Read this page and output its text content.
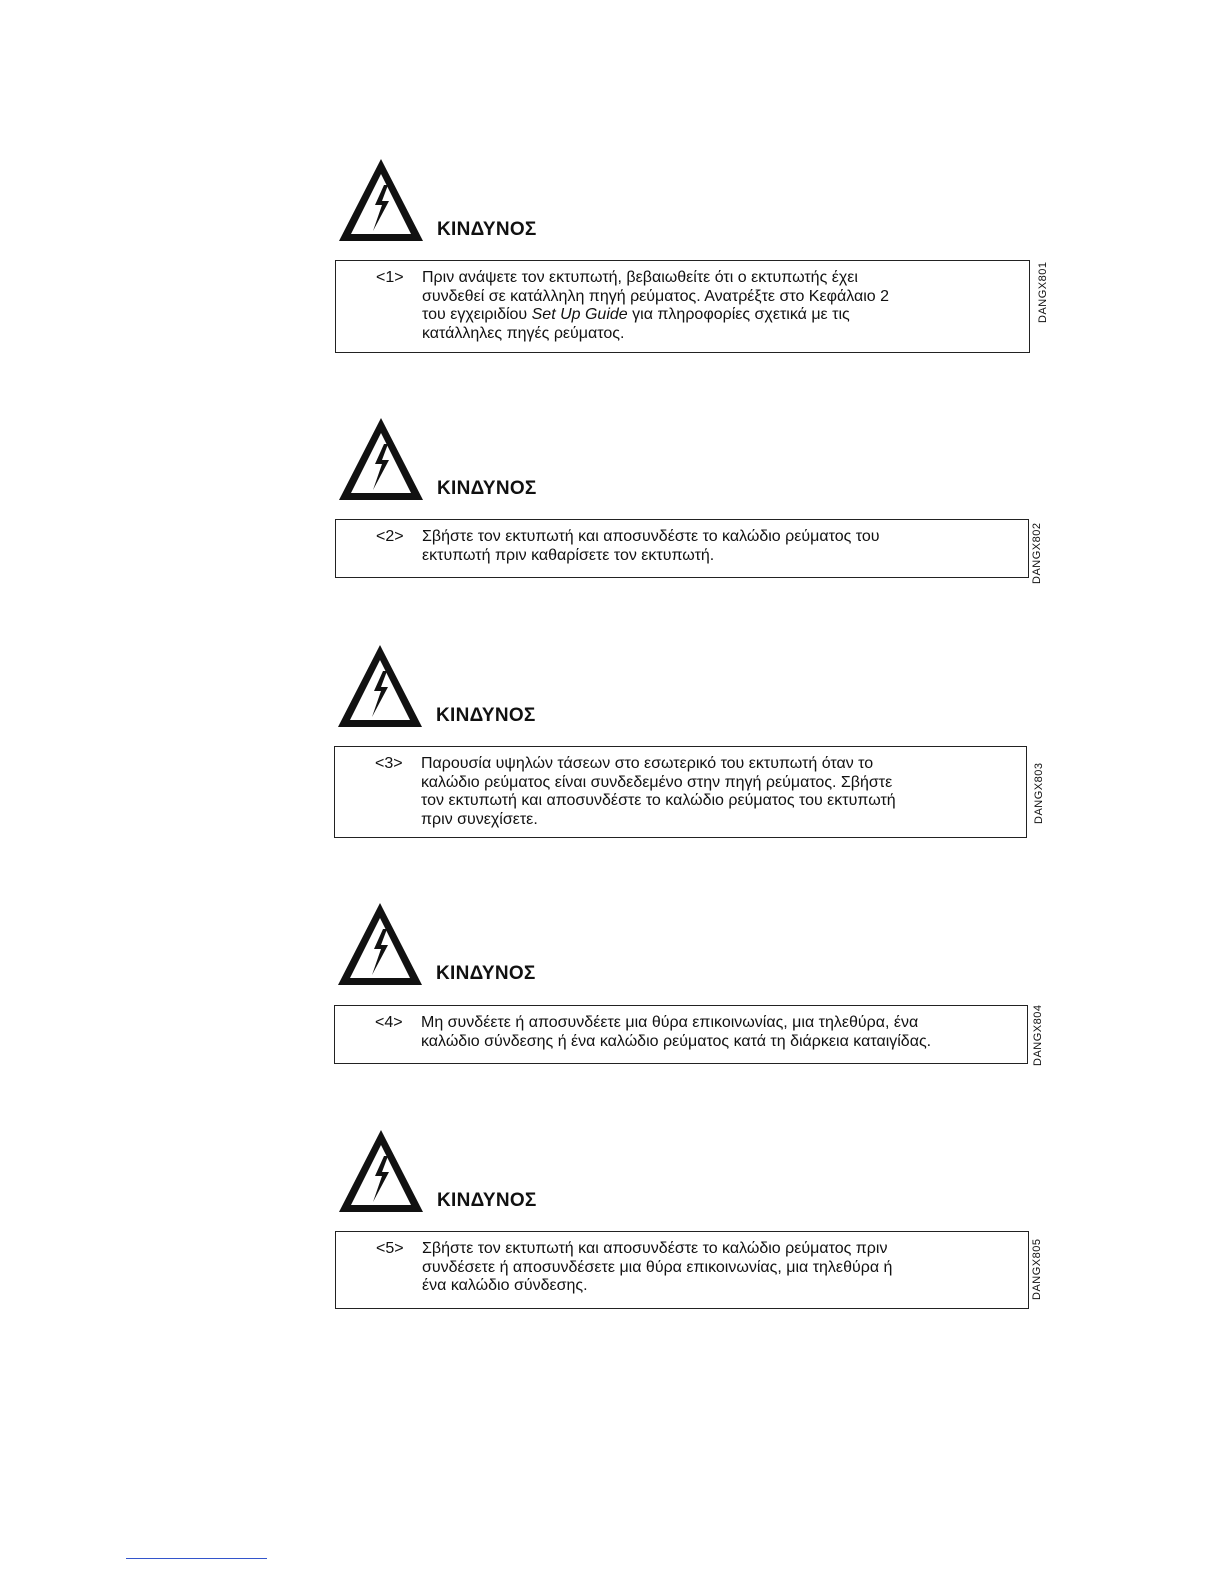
ΚΙΝΔΥΝΟΣ
<1> Πριν ανάψετε τον εκτυπωτή, βεβαιωθείτε ότι ο εκτυπωτής έχει
συνδεθεί σε κατάλληλη πηγή ρεύματος. Ανατρέξτε στο Κεφάλαιο 2
του εγχειριδίου Set Up Guide για πληροφορίες σχετικά με τις
κατάλληλες πηγές ρεύματος.
DANGX801
ΚΙΝΔΥΝΟΣ
<2> Σβήστε τον εκτυπωτή και αποσυνδέστε το καλώδιο ρεύματος του
εκτυπωτή πριν καθαρίσετε τον εκτυπωτή.	DANGX802
ΚΙΝΔΥΝΟΣ
<3> Παρουσία υψηλών τάσεων στο εσωτερικό του εκτυπωτή όταν το
καλώδιο ρεύματος είναι συνδεδεμένο στην πηγή ρεύματος. Σβήστε
τον εκτυπωτή και αποσυνδέστε το καλώδιο ρεύματος του εκτυπωτή
πριν συνεχίσετε.	DANGX803
ΚΙΝΔΥΝΟΣ
<4> Μη συνδέετε ή αποσυνδέετε μια θύρα επικοινωνίας, μια τηλεθύρα, ένα
καλώδιο σύνδεσης ή ένα καλώδιο ρεύματος κατά τη διάρκεια καταιγίδας.	DANGX804
ΚΙΝΔΥΝΟΣ
<5> Σβήστε τον εκτυπωτή και αποσυνδέστε το καλώδιο ρεύματος πριν
συνδέσετε ή αποσυνδέσετε μια θύρα επικοινωνίας, μια τηλεθύρα ή
ένα καλώδιο σύνδεσης.	DANGX805
